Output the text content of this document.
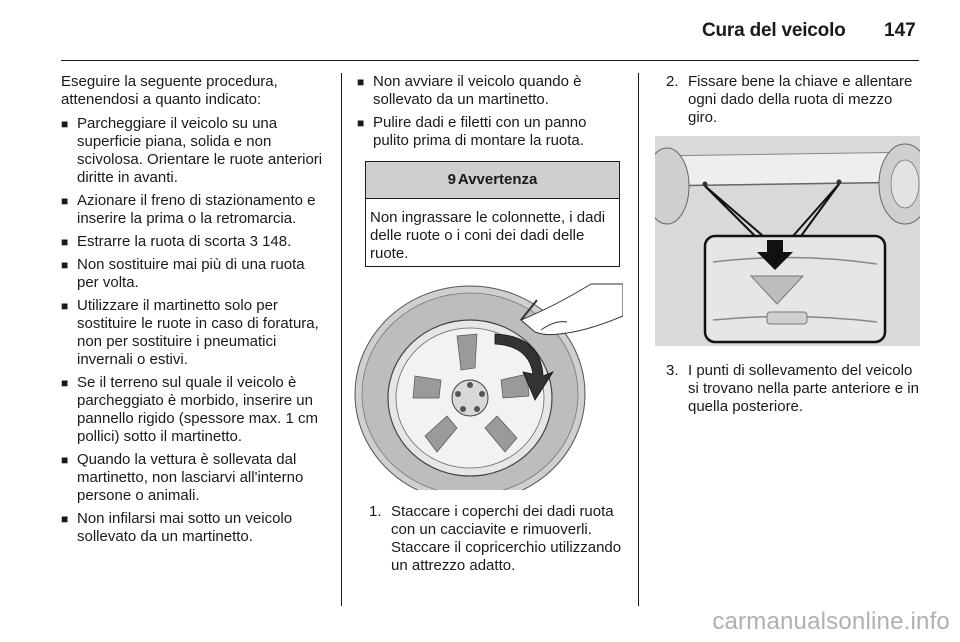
Cura del veicolo 147

Eseguire la seguente procedura, attenendosi a quanto indicato:

■ Parcheggiare il veicolo su una superficie piana, solida e non scivolosa. Orientare le ruote anteriori diritte in avanti.
■ Azionare il freno di stazionamento e inserire la prima o la retromarcia.
■ Estrarre la ruota di scorta 3 148.
■ Non sostituire mai più di una ruota per volta.
■ Utilizzare il martinetto solo per sostituire le ruote in caso di foratura, non per sostituire i pneumatici invernali o estivi.
■ Se il terreno sul quale il veicolo è parcheggiato è morbido, inserire un pannello rigido (spessore max. 1 cm pollici) sotto il martinetto.
■ Quando la vettura è sollevata dal martinetto, non lasciarvi all'interno persone o animali.
■ Non infilarsi mai sotto un veicolo sollevato da un martinetto.
■ Non avviare il veicolo quando è sollevato da un martinetto.
■ Pulire dadi e filetti con un panno pulito prima di montare la ruota.
9 Avvertenza
Non ingrassare le colonnette, i dadi delle ruote o i coni dei dadi delle ruote.
1. Staccare i coperchi dei dadi ruota con un cacciavite e rimuoverli. Staccare il copricerchio utilizzando un attrezzo adatto.
2. Fissare bene la chiave e allentare ogni dado della ruota di mezzo giro.
3. I punti di sollevamento del veicolo si trovano nella parte anteriore e in quella posteriore.
carmanualsonline.info
